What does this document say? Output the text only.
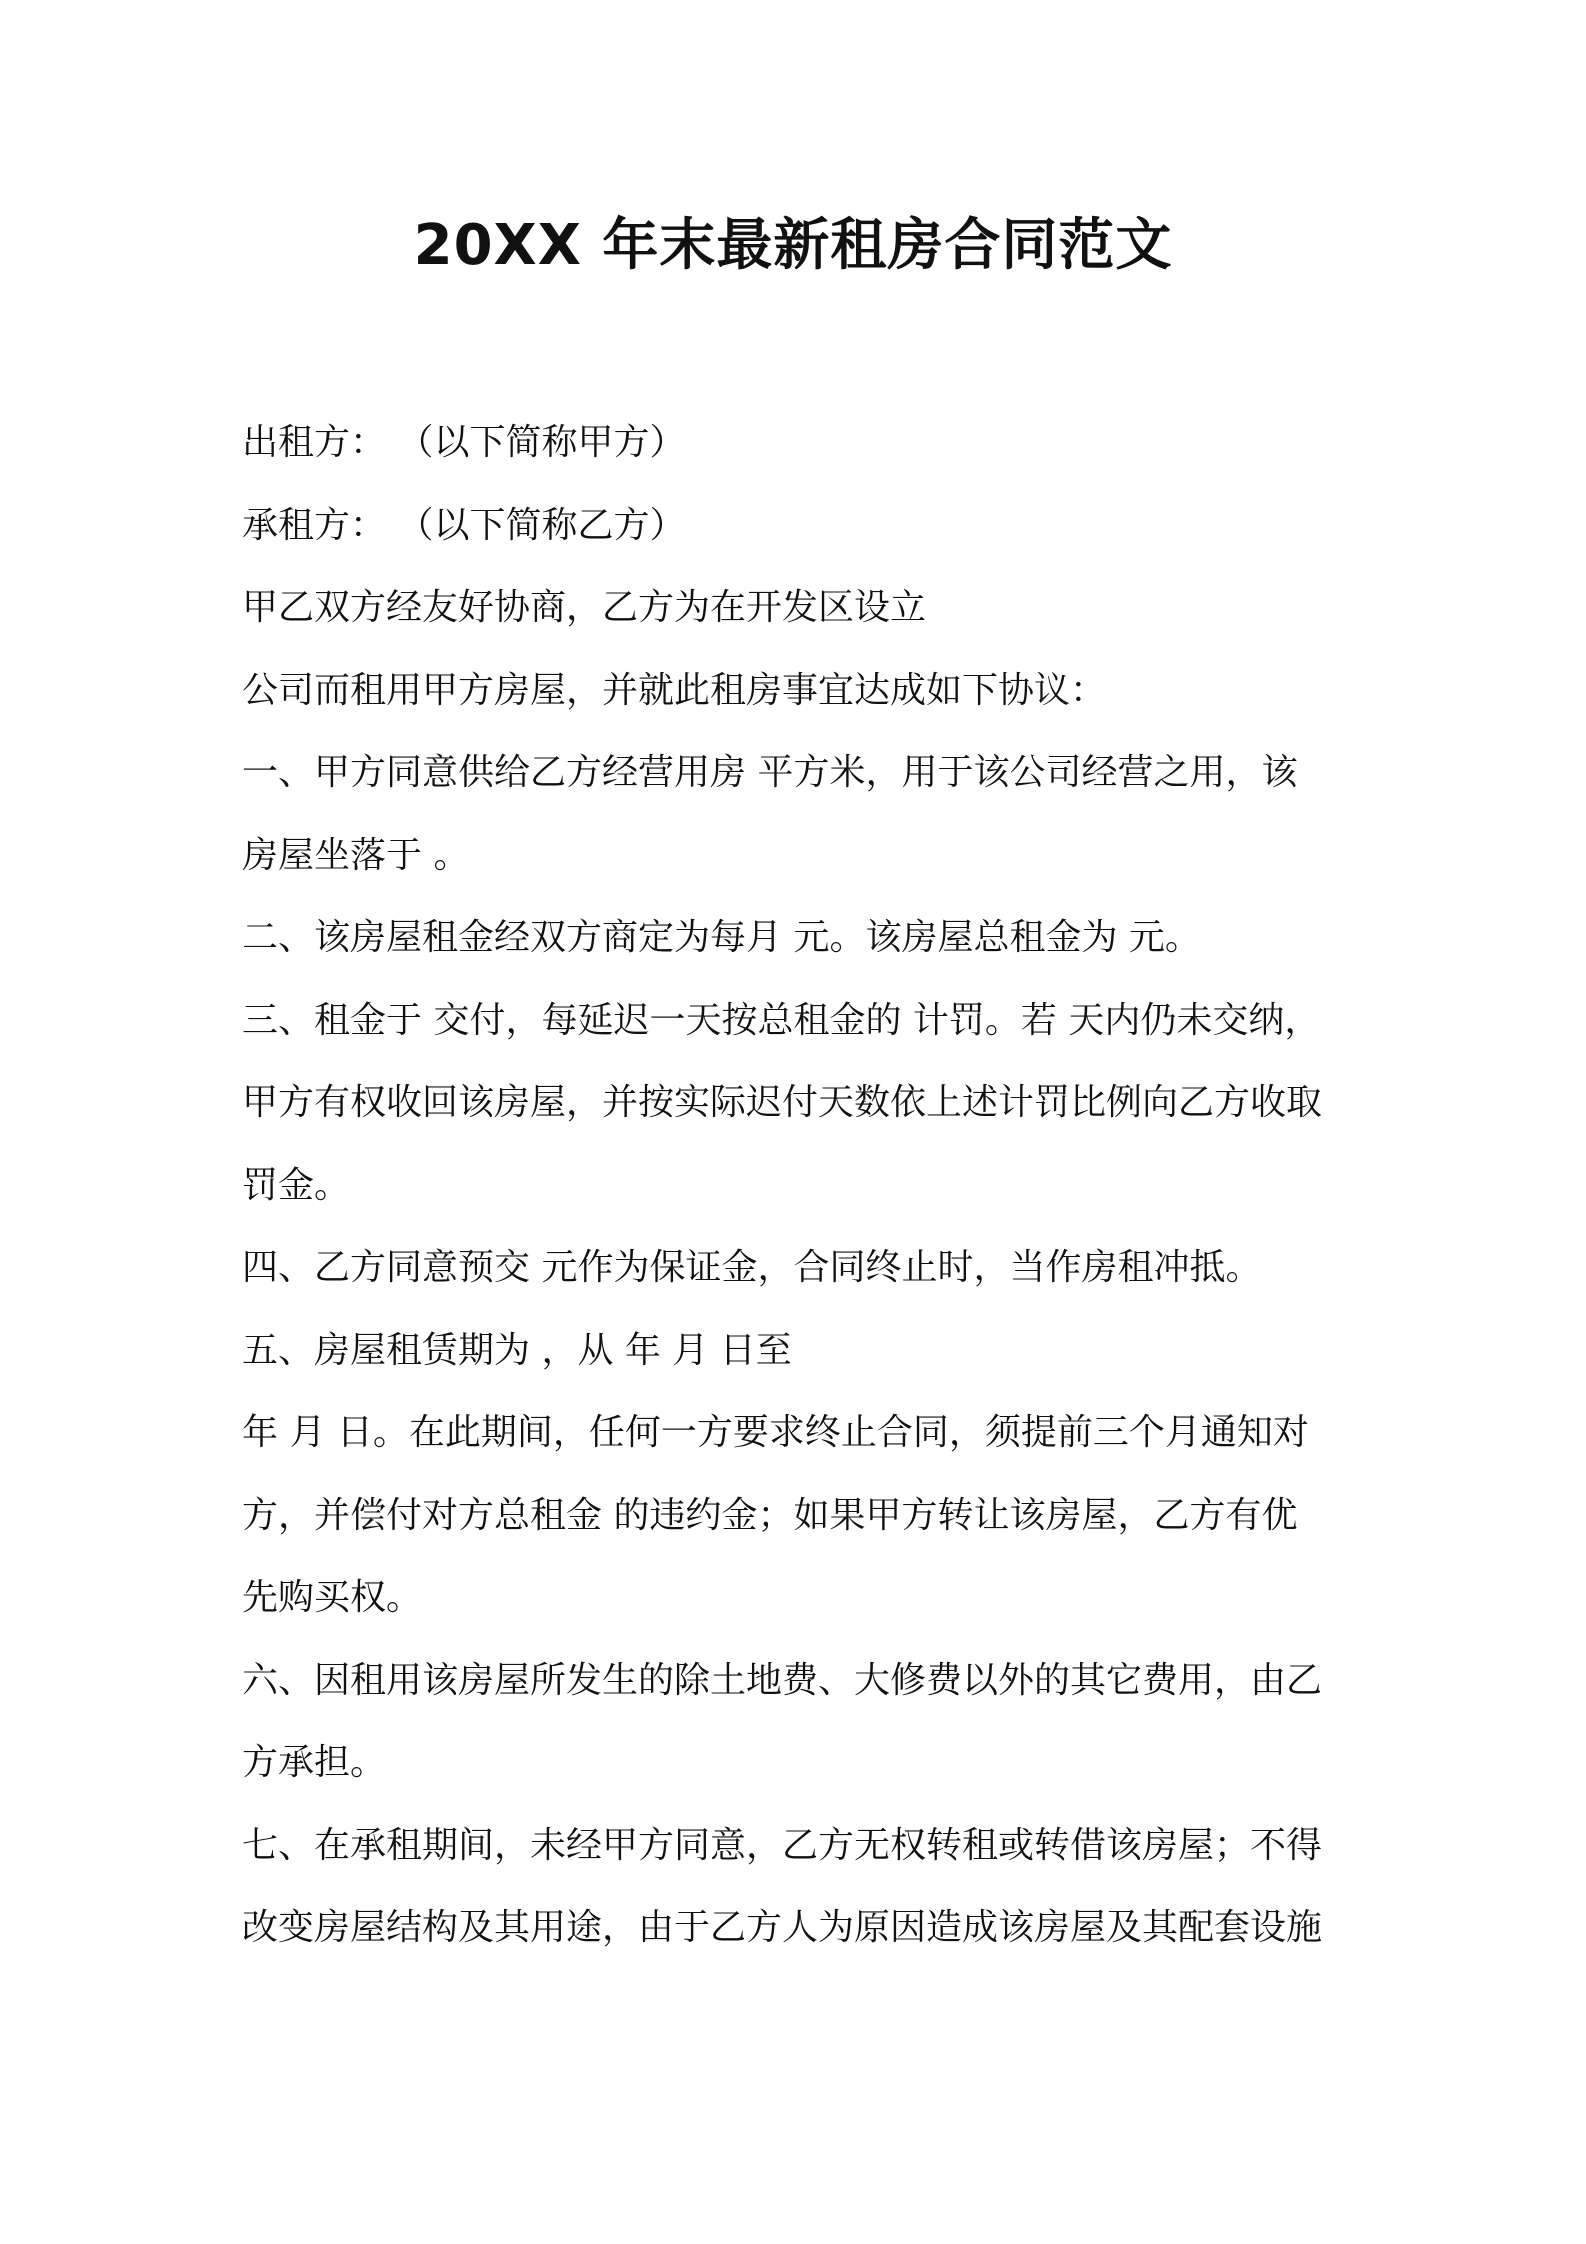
20XX 年末最新租房合同范文

出租方： （以下简称甲方）

承租方： （以下简称乙方）

甲乙双方经友好协商，乙方为在开发区设立

公司而租用甲方房屋，并就此租房事宜达成如下协议：

一、甲方同意供给乙方经营用房 平方米，用于该公司经营之用，该

房屋坐落于 。

二、该房屋租金经双方商定为每月 元。该房屋总租金为 元。

三、租金于 交付，每延迟一天按总租金的 计罚。若 天内仍未交纳，

甲方有权收回该房屋，并按实际迟付天数依上述计罚比例向乙方收取

罚金。

四、乙方同意预交 元作为保证金，合同终止时，当作房租冲抵。

五、房屋租赁期为 ，从 年 月 日至

年 月 日。在此期间，任何一方要求终止合同，须提前三个月通知对

方，并偿付对方总租金 的违约金；如果甲方转让该房屋，乙方有优

先购买权。

六、因租用该房屋所发生的除土地费、大修费以外的其它费用，由乙

方承担。

七、在承租期间，未经甲方同意，乙方无权转租或转借该房屋；不得

改变房屋结构及其用途，由于乙方人为原因造成该房屋及其配套设施
